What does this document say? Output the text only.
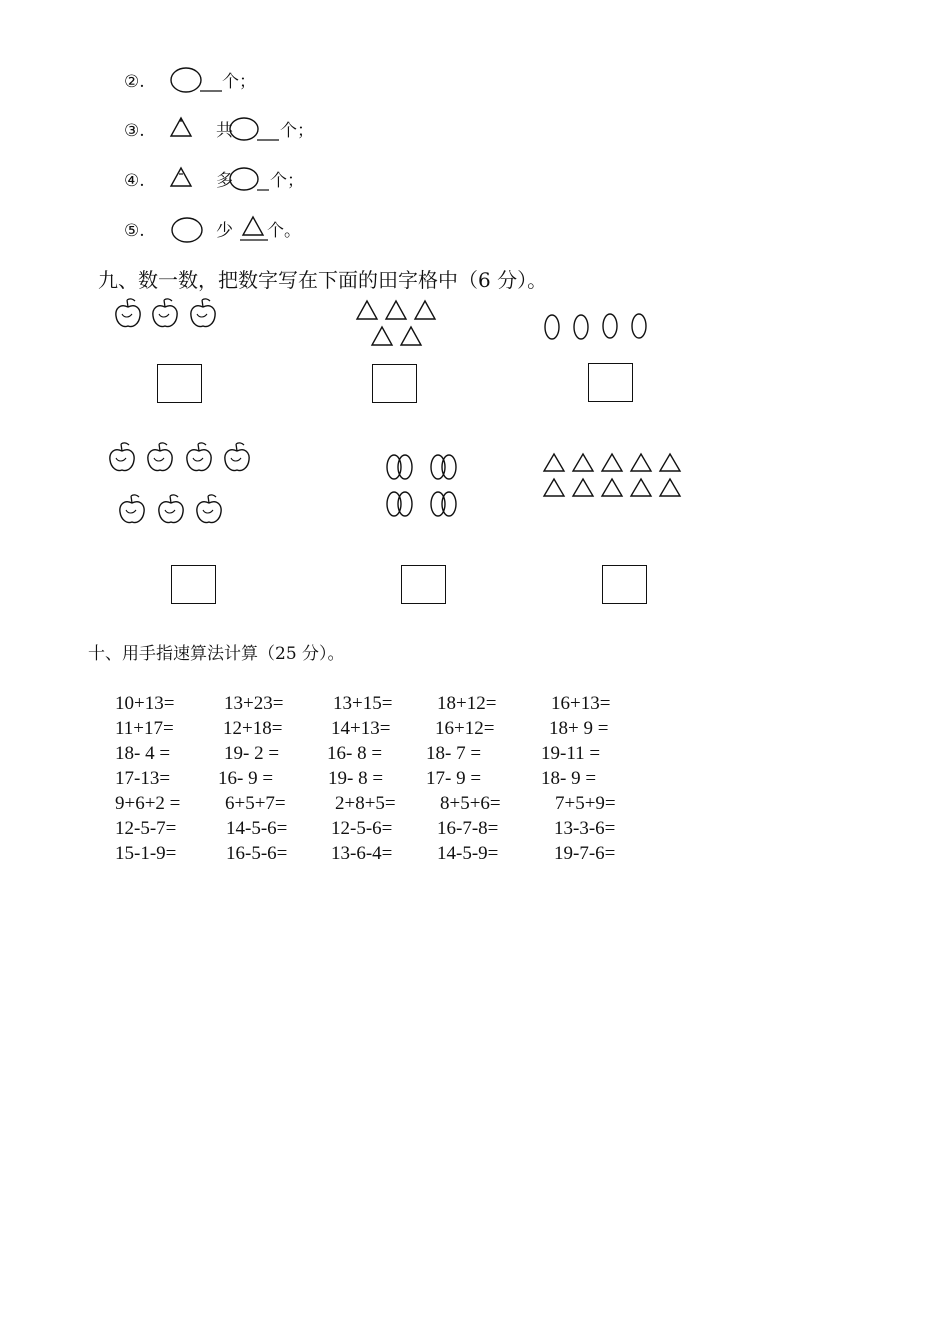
②.	个；
③.	共	个；
④.	多 个；
⑤.	少 个。
九、数一数，把数字写在下面的田字格中（6 分）。
十、用手指速算法计算（25 分）。
10+13=	13+23=	13+15= 18+12=	16+13=
11+17=	12+18=	14+13= 16+12=	18+ 9 =
18- 4 =	19- 2 =	16- 8 = 18- 7 =	19-11 =
17-13=	16- 9 =	19- 8 = 17- 9 =	18- 9 =
9+6+2 = 6+5+7=	2+8+5= 8+5+6=	7+5+9=
12-5-7=	14-5-6= 12-5-6= 16-7-8=	13-3-6=
15-1-9=	16-5-6= 13-6-4= 14-5-9=	19-7-6=
